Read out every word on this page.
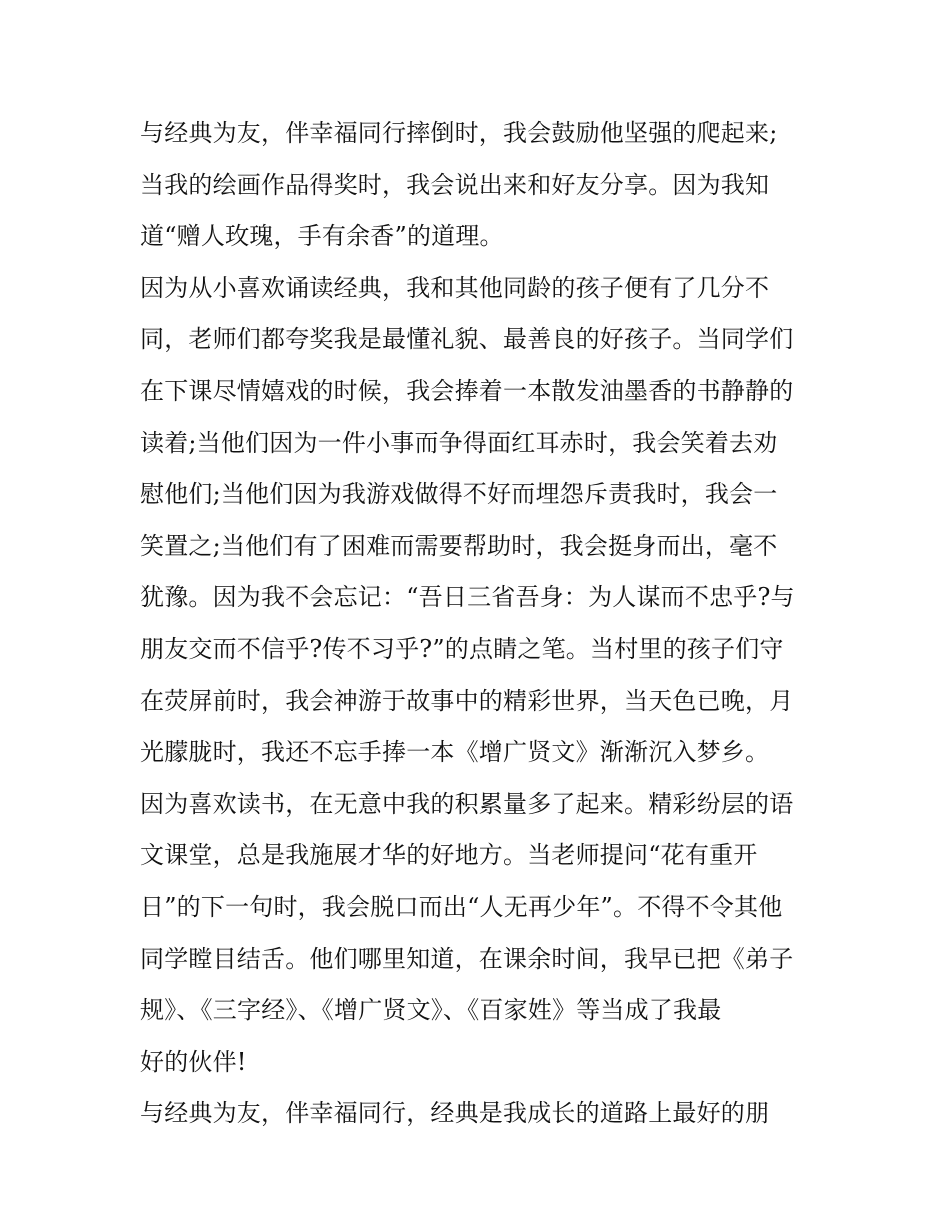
与经典为友，伴幸福同行摔倒时，我会鼓励他坚强的爬起来;
当我的绘画作品得奖时，我会说出来和好友分享。因为我知
道“赠人玫瑰，手有余香”的道理。
因为从小喜欢诵读经典，我和其他同龄的孩子便有了几分不
同，老师们都夸奖我是最懂礼貌、最善良的好孩子。当同学们
在下课尽情嬉戏的时候，我会捧着一本散发油墨香的书静静的
读着;当他们因为一件小事而争得面红耳赤时，我会笑着去劝
慰他们;当他们因为我游戏做得不好而埋怨斥责我时，我会一
笑置之;当他们有了困难而需要帮助时，我会挺身而出，毫不
犹豫。因为我不会忘记：“吾日三省吾身：为人谋而不忠乎?与
朋友交而不信乎?传不习乎?”的点睛之笔。当村里的孩子们守
在荧屏前时，我会神游于故事中的精彩世界，当天色已晚，月
光朦胧时，我还不忘手捧一本《增广贤文》渐渐沉入梦乡。
因为喜欢读书，在无意中我的积累量多了起来。精彩纷层的语
文课堂，总是我施展才华的好地方。当老师提问“花有重开
日”的下一句时，我会脱口而出“人无再少年”。不得不令其他
同学瞠目结舌。他们哪里知道，在课余时间，我早已把《弟子
规》、《三字经》、《增广贤文》、《百家姓》等当成了我最
好的伙伴!
与经典为友，伴幸福同行，经典是我成长的道路上最好的朋
